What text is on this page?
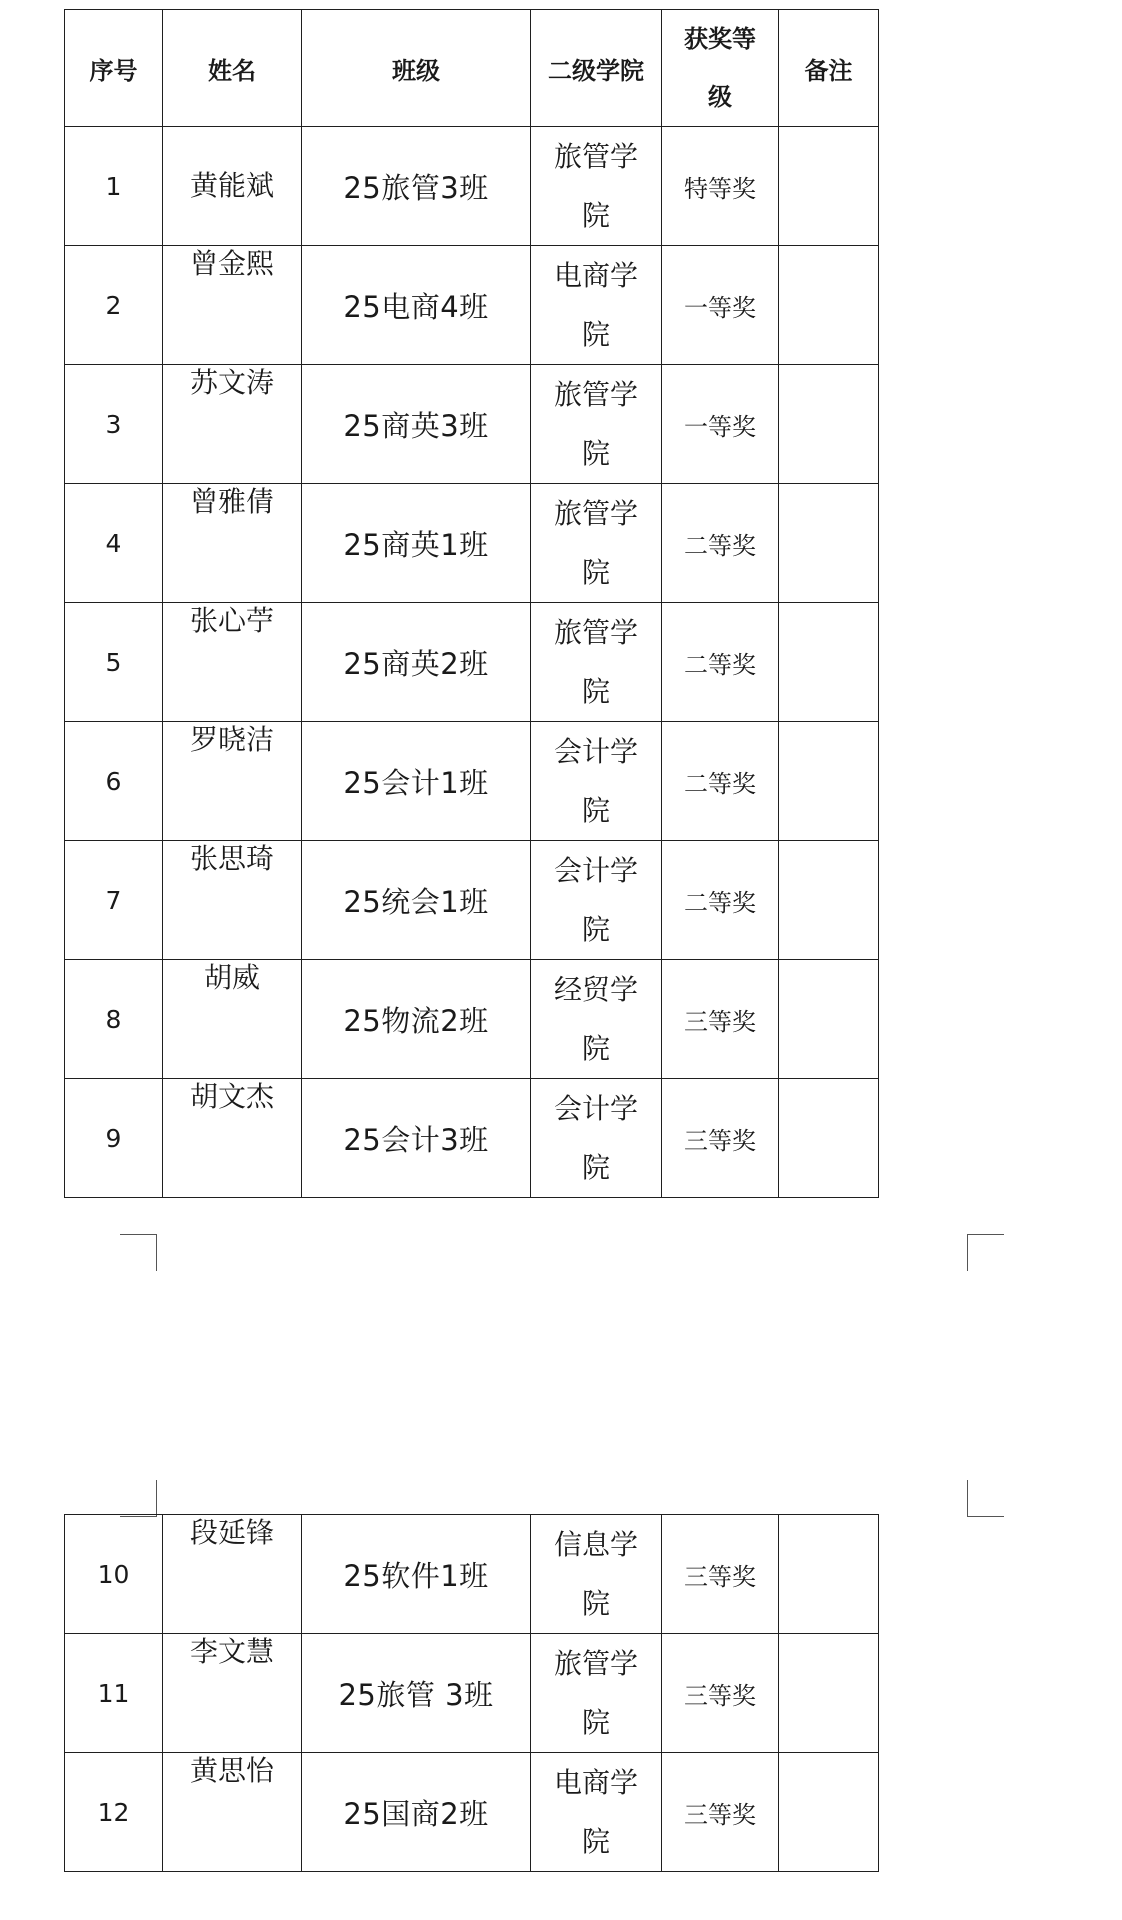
序号	姓名	班级	二级学院	获奖等级	备注
1	黄能斌	25旅管3班	旅管学院	特等奖	
2	曾金熙	25电商4班	电商学院	一等奖	
3	苏文涛	25商英3班	旅管学院	一等奖	
4	曾雅倩	25商英1班	旅管学院	二等奖	
5	张心苧	25商英2班	旅管学院	二等奖	
6	罗晓洁	25会计1班	会计学院	二等奖	
7	张思琦	25统会1班	会计学院	二等奖	
8	胡威	25物流2班	经贸学院	三等奖	
9	胡文杰	25会计3班	会计学院	三等奖	
10	段延锋	25软件1班	信息学院	三等奖	
11	李文慧	25旅管 3班	旅管学院	三等奖	
12	黄思怡	25国商2班	电商学院	三等奖	
